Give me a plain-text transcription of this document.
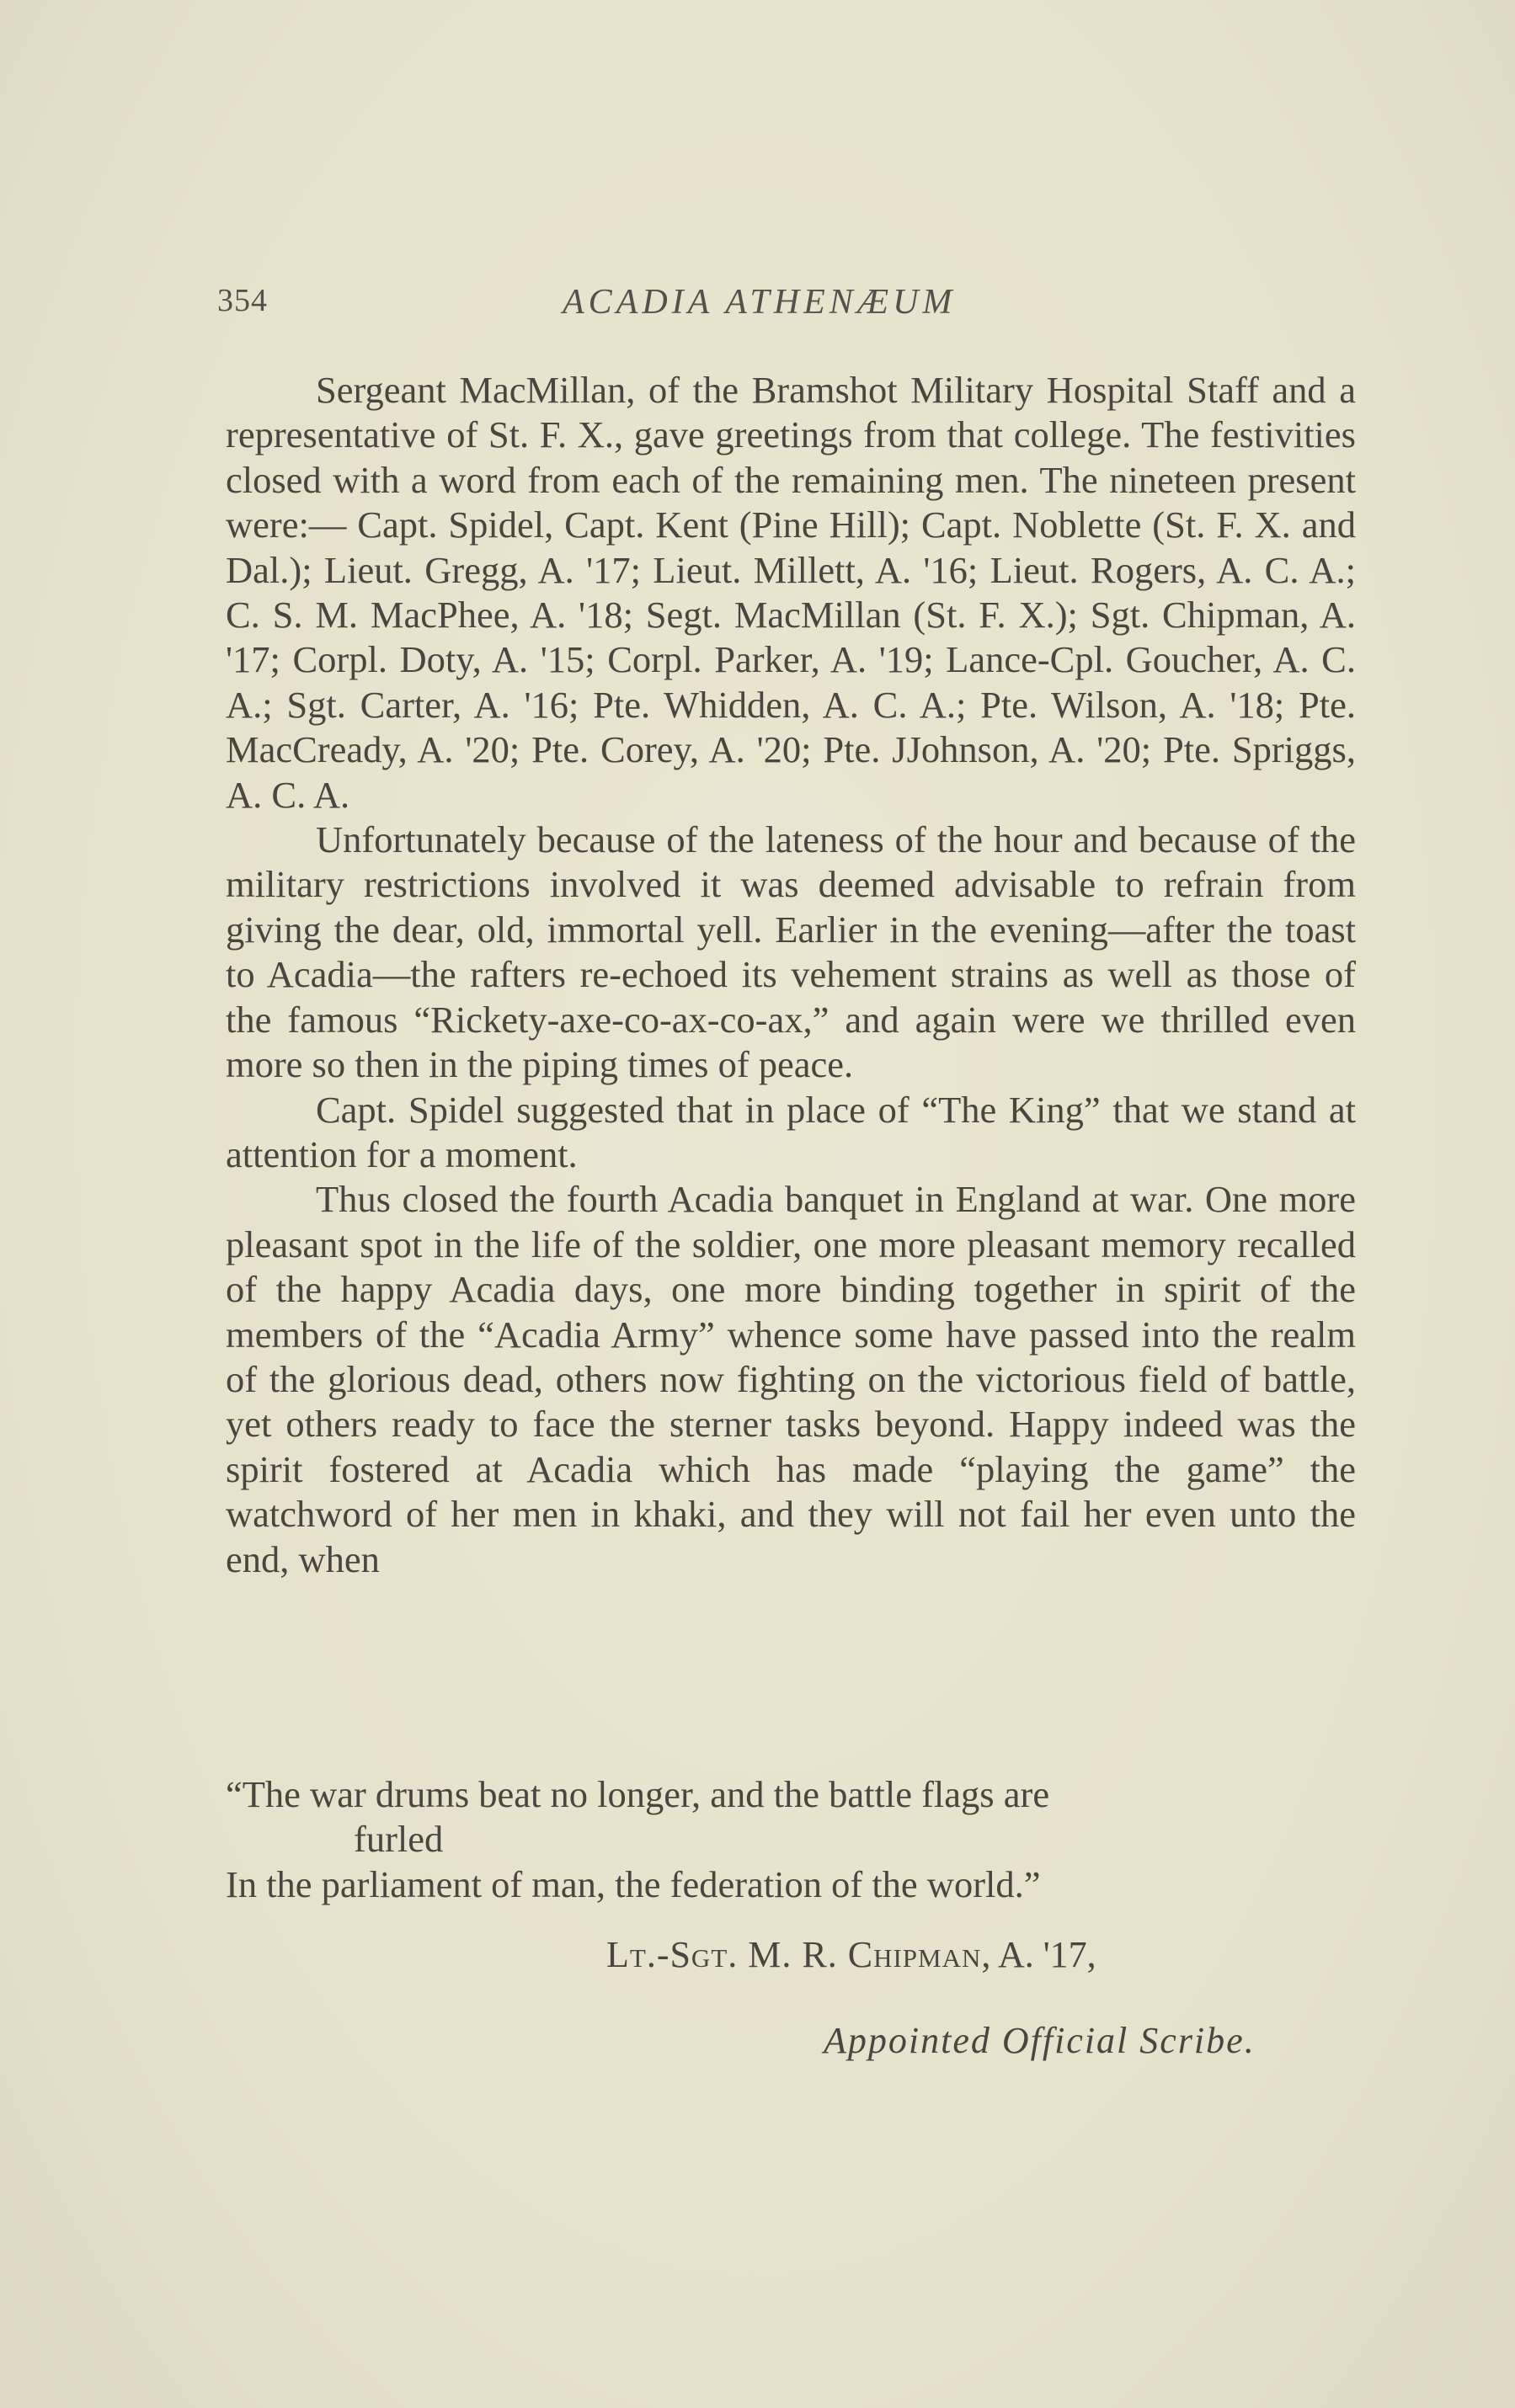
354	ACADIA ATHENÆUM

Sergeant MacMillan, of the Bramshot Military Hospital Staff and a representative of St. F. X., gave greetings from that college. The festivities closed with a word from each of the remaining men. The nineteen present were:— Capt. Spidel, Capt. Kent (Pine Hill); Capt. Noblette (St. F. X. and Dal.); Lieut. Gregg, A. '17; Lieut. Millett, A. '16; Lieut. Rogers, A. C. A.; C. S. M. MacPhee, A. '18; Segt. MacMillan (St. F. X.); Sgt. Chipman, A. '17; Corpl. Doty, A. '15; Corpl. Parker, A. '19; Lance-Cpl. Goucher, A. C. A.; Sgt. Carter, A. '16; Pte. Whidden, A. C. A.; Pte. Wilson, A. '18; Pte. MacCready, A. '20; Pte. Corey, A. '20; Pte. JJohnson, A. '20; Pte. Spriggs, A. C. A.

Unfortunately because of the lateness of the hour and because of the military restrictions involved it was deemed advisable to refrain from giving the dear, old, immortal yell. Earlier in the evening—after the toast to Acadia—the rafters re-echoed its vehement strains as well as those of the famous “Rickety-axe-co-ax-co-ax,” and again were we thrilled even more so then in the piping times of peace.

Capt. Spidel suggested that in place of “The King” that we stand at attention for a moment.

Thus closed the fourth Acadia banquet in England at war. One more pleasant spot in the life of the soldier, one more pleasant memory recalled of the happy Acadia days, one more binding together in spirit of the members of the “Acadia Army” whence some have passed into the realm of the glorious dead, others now fighting on the victorious field of battle, yet others ready to face the sterner tasks beyond. Happy indeed was the spirit fostered at Acadia which has made “playing the game” the watchword of her men in khaki, and they will not fail her even unto the end, when

“The war drums beat no longer, and the battle flags are
furled
In the parliament of man, the federation of the world.”
Lt.-Sgt. M. R. Chipman, A. '17,
Appointed Official Scribe.
